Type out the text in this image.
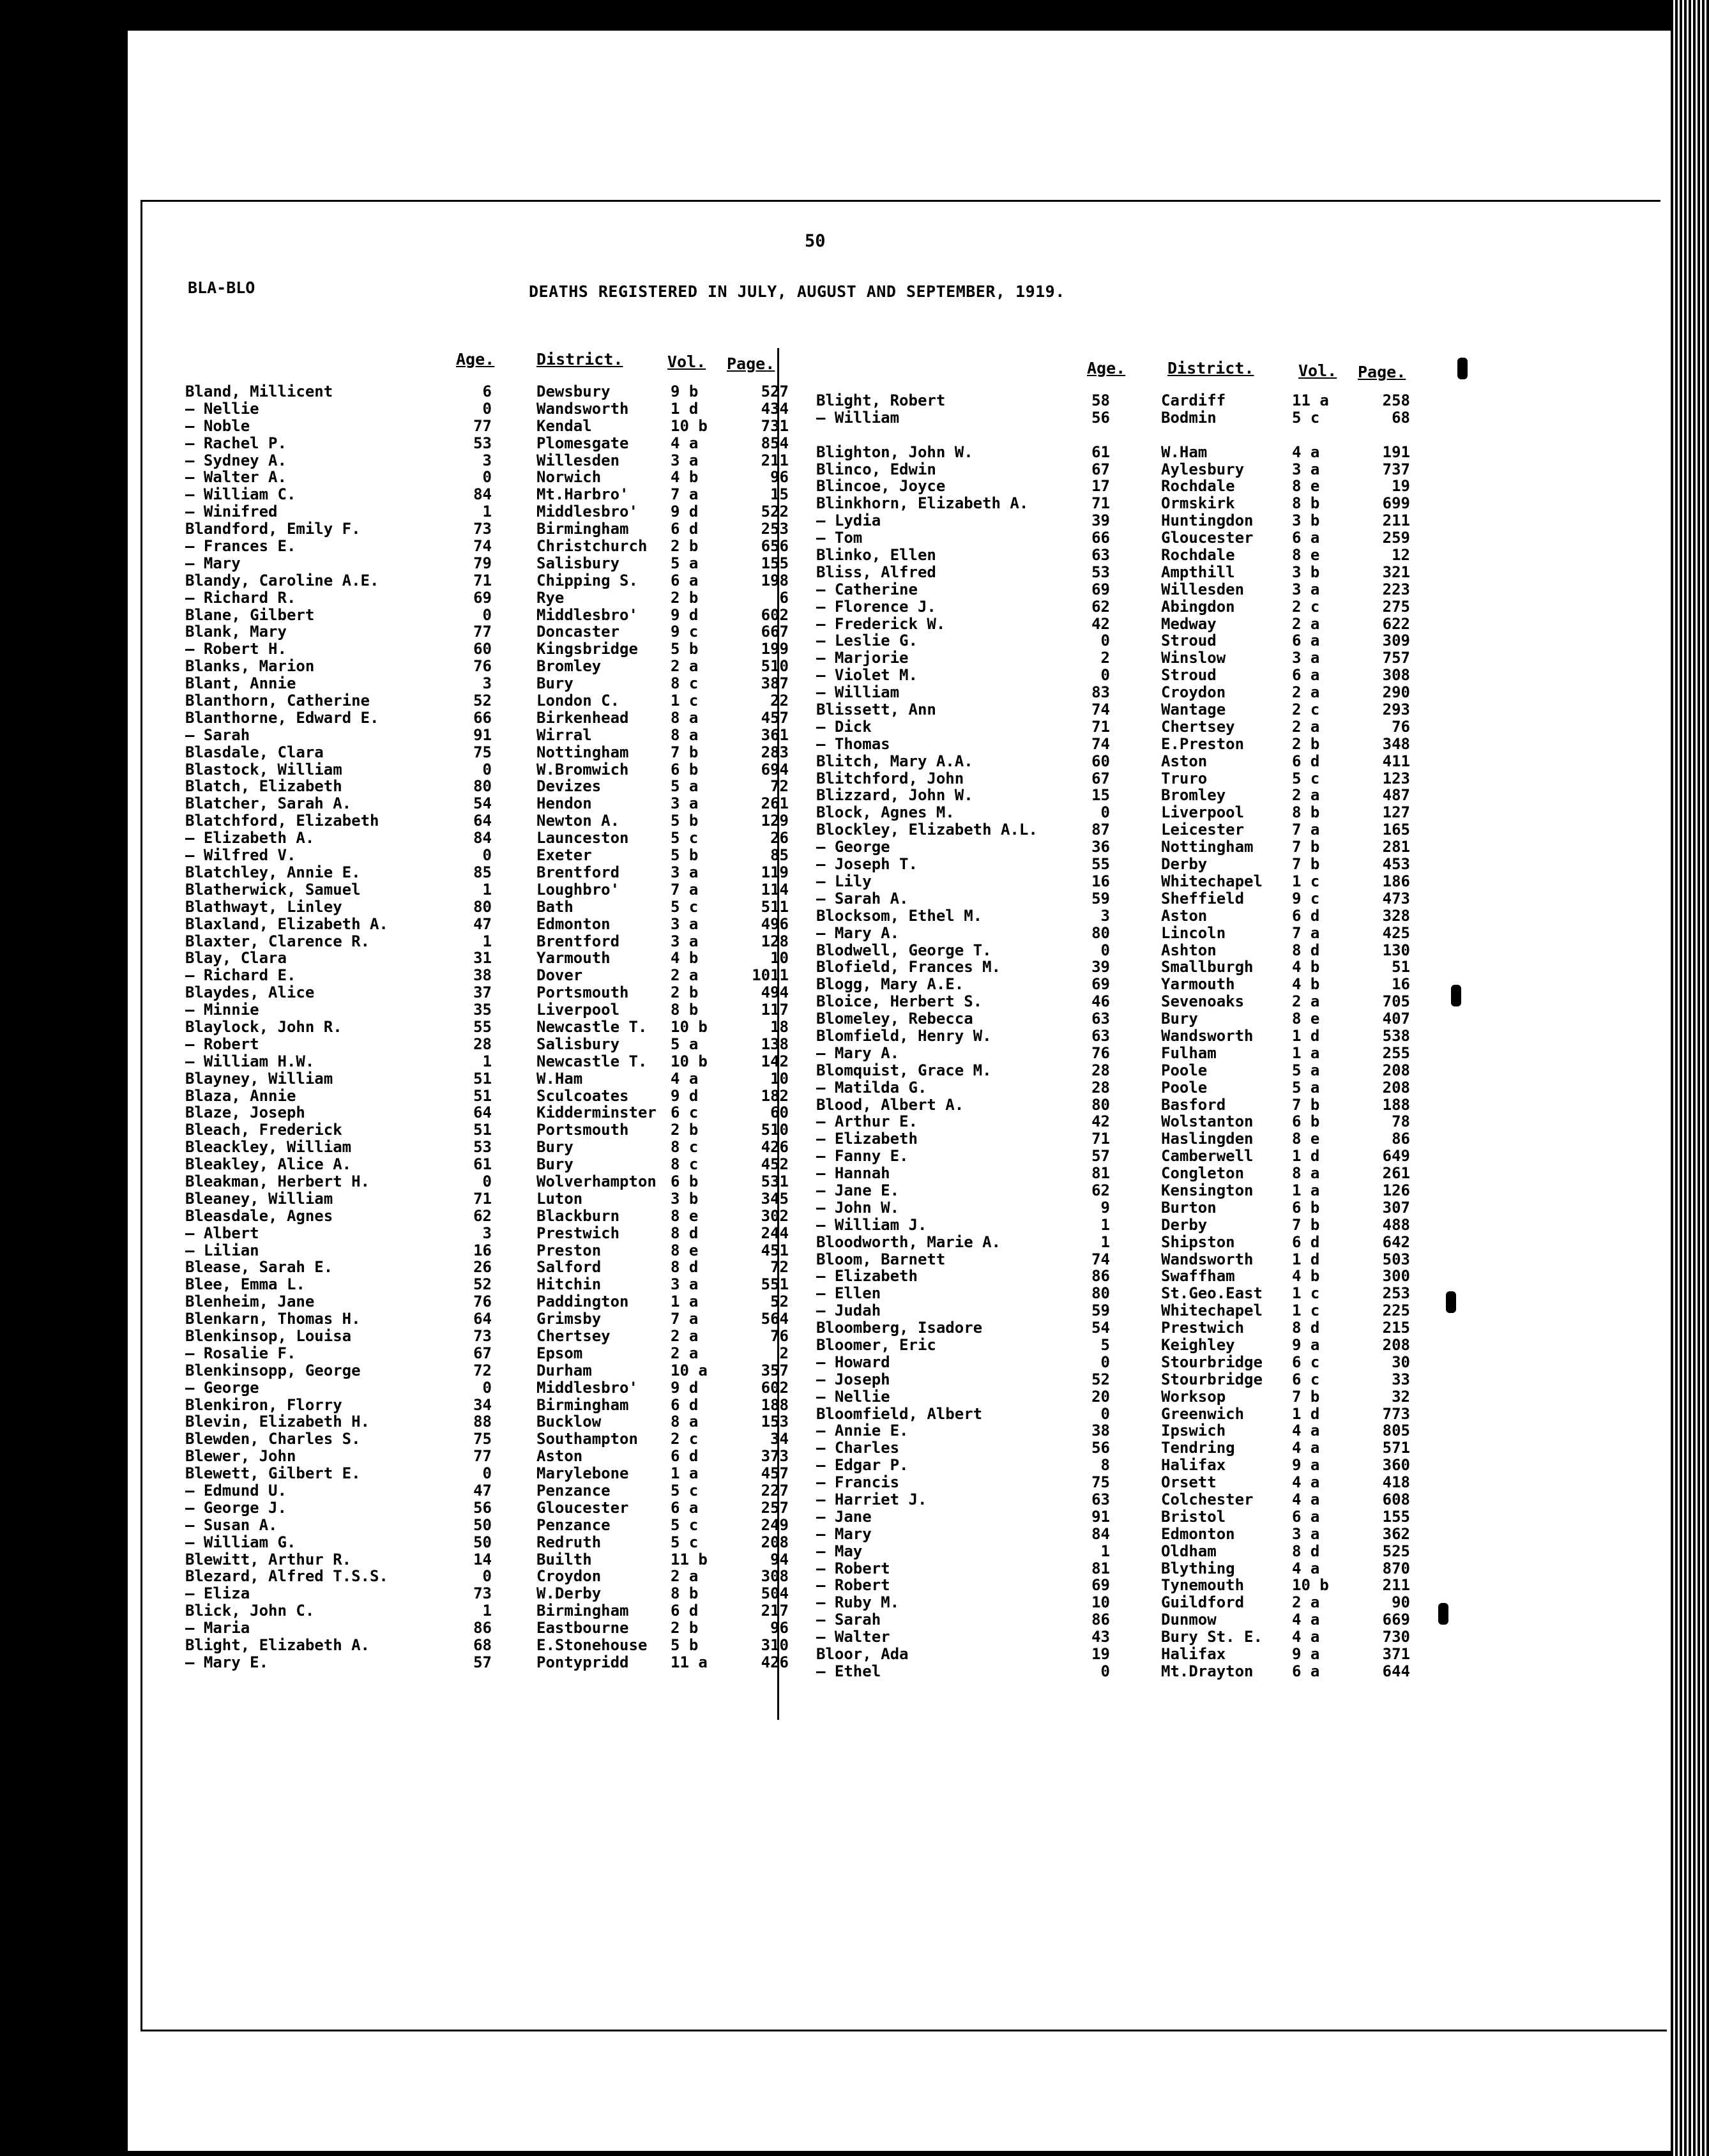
50
BLA-BLO	DEATHS REGISTERED IN JULY, AUGUST AND SEPTEMBER, 1919.
Age.	District.	Vol. Page.	Age.	District.	Vol. Page.
Bland, Millicent	6	Dewsbury	9 b	527
— Nellie	0	Wandsworth	1 d	434
— Noble	77	Kendal	10 b	731
— Rachel P.	53	Plomesgate	4 a	854
— Sydney A.	3	Willesden	3 a	211
— Walter A.	0	Norwich	4 b	96
— William C.	84	Mt.Harbro'	7 a	15
— Winifred	1	Middlesbro' 9 d	522
Blandford, Emily F.	73	Birmingham	6 d	253
— Frances E.	74	Christchurch 2 b	656
— Mary	79	Salisbury	5 a	155
Blandy, Caroline A.E.	71	Chipping S. 6 a	198
— Richard R.	69	Rye	2 b	6
Blane, Gilbert	0	Middlesbro' 9 d	602
Blank, Mary	77	Doncaster	9 c	667
— Robert H.	60	Kingsbridge 5 b	199
Blanks, Marion	76	Bromley	2 a	510
Blant, Annie	3	Bury	8 c	387
Blanthorn, Catherine	52	London C.	1 c	22
Blanthorne, Edward E.	66	Birkenhead	8 a	457
— Sarah	91	Wirral	8 a	361
Blasdale, Clara	75	Nottingham	7 b	283
Blastock, William	0	W.Bromwich	6 b	694
Blatch, Elizabeth	80	Devizes	5 a	72
Blatcher, Sarah A.	54	Hendon	3 a	261
Blatchford, Elizabeth	64	Newton A.	5 b	129
— Elizabeth A.	84	Launceston	5 c	26
— Wilfred V.	0	Exeter	5 b	85
Blatchley, Annie E.	85	Brentford	3 a	119
Blatherwick, Samuel	1	Loughbro'	7 a	114
Blathwayt, Linley	80	Bath	5 c	511
Blaxland, Elizabeth A.	47	Edmonton	3 a	496
Blaxter, Clarence R.	1	Brentford	3 a	128
Blay, Clara	31	Yarmouth	4 b	10
— Richard E.	38	Dover	2 a	1011
Blaydes, Alice	37	Portsmouth	2 b	494
— Minnie	35	Liverpool	8 b	117
Blaylock, John R.	55	Newcastle T. 10 b	18
— Robert	28	Salisbury	5 a	138
— William H.W.	1	Newcastle T. 10 b	142
Blayney, William	51	W.Ham	4 a	10
Blaza, Annie	51	Sculcoates	9 d	182
Blaze, Joseph	64	Kidderminster 6 c	60
Bleach, Frederick	51	Portsmouth	2 b	510
Bleackley, William	53	Bury	8 c	426
Bleakley, Alice A.	61	Bury	8 c	452
Bleakman, Herbert H.	0	Wolverhampton 6 b	531
Bleaney, William	71	Luton	3 b	345
Bleasdale, Agnes	62	Blackburn	8 e	302
— Albert	3	Prestwich	8 d	244
— Lilian	16	Preston	8 e	451
Blease, Sarah E.	26	Salford	8 d	72
Blee, Emma L.	52	Hitchin	3 a	551
Blenheim, Jane	76	Paddington	1 a	52
Blenkarn, Thomas H.	64	Grimsby	7 a	564
Blenkinsop, Louisa	73	Chertsey	2 a	76
— Rosalie F.	67	Epsom	2 a	2
Blenkinsopp, George	72	Durham	10 a	357
— George	0	Middlesbro' 9 d	602
Blenkiron, Florry	34	Birmingham	6 d	188
Blevin, Elizabeth H.	88	Bucklow	8 a	153
Blewden, Charles S.	75	Southampton 2 c	34
Blewer, John	77	Aston	6 d	373
Blewett, Gilbert E.	0	Marylebone	1 a	457
— Edmund U.	47	Penzance	5 c	227
— George J.	56	Gloucester	6 a	257
— Susan A.	50	Penzance	5 c	249
— William G.	50	Redruth	5 c	208
Blewitt, Arthur R.	14	Builth	11 b	94
Blezard, Alfred T.S.S.	0	Croydon	2 a	308
— Eliza	73	W.Derby	8 b	504
Blick, John C.	1	Birmingham	6 d	217
— Maria	86	Eastbourne	2 b	96
Blight, Elizabeth A.	68	E.Stonehouse 5 b	310
— Mary E.	57	Pontypridd	11 a	426
Blight, Robert	58	Cardiff	11 a	258
— William	56	Bodmin	5 c	68
Blighton, John W.	61	W.Ham	4 a	191
Blinco, Edwin	67	Aylesbury	3 a	737
Blincoe, Joyce	17	Rochdale	8 e	19
Blinkhorn, Elizabeth A.	71	Ormskirk	8 b	699
— Lydia	39	Huntingdon	3 b	211
— Tom	66	Gloucester	6 a	259
Blinko, Ellen	63	Rochdale	8 e	12
Bliss, Alfred	53	Ampthill	3 b	321
— Catherine	69	Willesden	3 a	223
— Florence J.	62	Abingdon	2 c	275
— Frederick W.	42	Medway	2 a	622
— Leslie G.	0	Stroud	6 a	309
— Marjorie	2	Winslow	3 a	757
— Violet M.	0	Stroud	6 a	308
— William	83	Croydon	2 a	290
Blissett, Ann	74	Wantage	2 c	293
— Dick	71	Chertsey	2 a	76
— Thomas	74	E.Preston	2 b	348
Blitch, Mary A.A.	60	Aston	6 d	411
Blitchford, John	67	Truro	5 c	123
Blizzard, John W.	15	Bromley	2 a	487
Block, Agnes M.	0	Liverpool	8 b	127
Blockley, Elizabeth A.L.	87	Leicester	7 a	165
— George	36	Nottingham	7 b	281
— Joseph T.	55	Derby	7 b	453
— Lily	16	Whitechapel 1 c	186
— Sarah A.	59	Sheffield	9 c	473
Blocksom, Ethel M.	3	Aston	6 d	328
— Mary A.	80	Lincoln	7 a	425
Blodwell, George T.	0	Ashton	8 d	130
Blofield, Frances M.	39	Smallburgh	4 b	51
Blogg, Mary A.E.	69	Yarmouth	4 b	16
Bloice, Herbert S.	46	Sevenoaks	2 a	705
Blomeley, Rebecca	63	Bury	8 e	407
Blomfield, Henry W.	63	Wandsworth	1 d	538
— Mary A.	76	Fulham	1 a	255
Blomquist, Grace M.	28	Poole	5 a	208
— Matilda G.	28	Poole	5 a	208
Blood, Albert A.	80	Basford	7 b	188
— Arthur E.	42	Wolstanton	6 b	78
— Elizabeth	71	Haslingden	8 e	86
— Fanny E.	57	Camberwell	1 d	649
— Hannah	81	Congleton	8 a	261
— Jane E.	62	Kensington	1 a	126
— John W.	9	Burton	6 b	307
— William J.	1	Derby	7 b	488
Bloodworth, Marie A.	1	Shipston	6 d	642
Bloom, Barnett	74	Wandsworth	1 d	503
— Elizabeth	86	Swaffham	4 b	300
— Ellen	80	St.Geo.East 1 c	253
— Judah	59	Whitechapel 1 c	225
Bloomberg, Isadore	54	Prestwich	8 d	215
Bloomer, Eric	5	Keighley	9 a	208
— Howard	0	Stourbridge 6 c	30
— Joseph	52	Stourbridge 6 c	33
— Nellie	20	Worksop	7 b	32
Bloomfield, Albert	0	Greenwich	1 d	773
— Annie E.	38	Ipswich	4 a	805
— Charles	56	Tendring	4 a	571
— Edgar P.	8	Halifax	9 a	360
— Francis	75	Orsett	4 a	418
— Harriet J.	63	Colchester	4 a	608
— Jane	91	Bristol	6 a	155
— Mary	84	Edmonton	3 a	362
— May	1	Oldham	8 d	525
— Robert	81	Blything	4 a	870
— Robert	69	Tynemouth	10 b	211
— Ruby M.	10	Guildford	2 a	90
— Sarah	86	Dunmow	4 a	669
— Walter	43	Bury St. E. 4 a	730
Bloor, Ada	19	Halifax	9 a	371
— Ethel	0	Mt.Drayton	6 a	644
